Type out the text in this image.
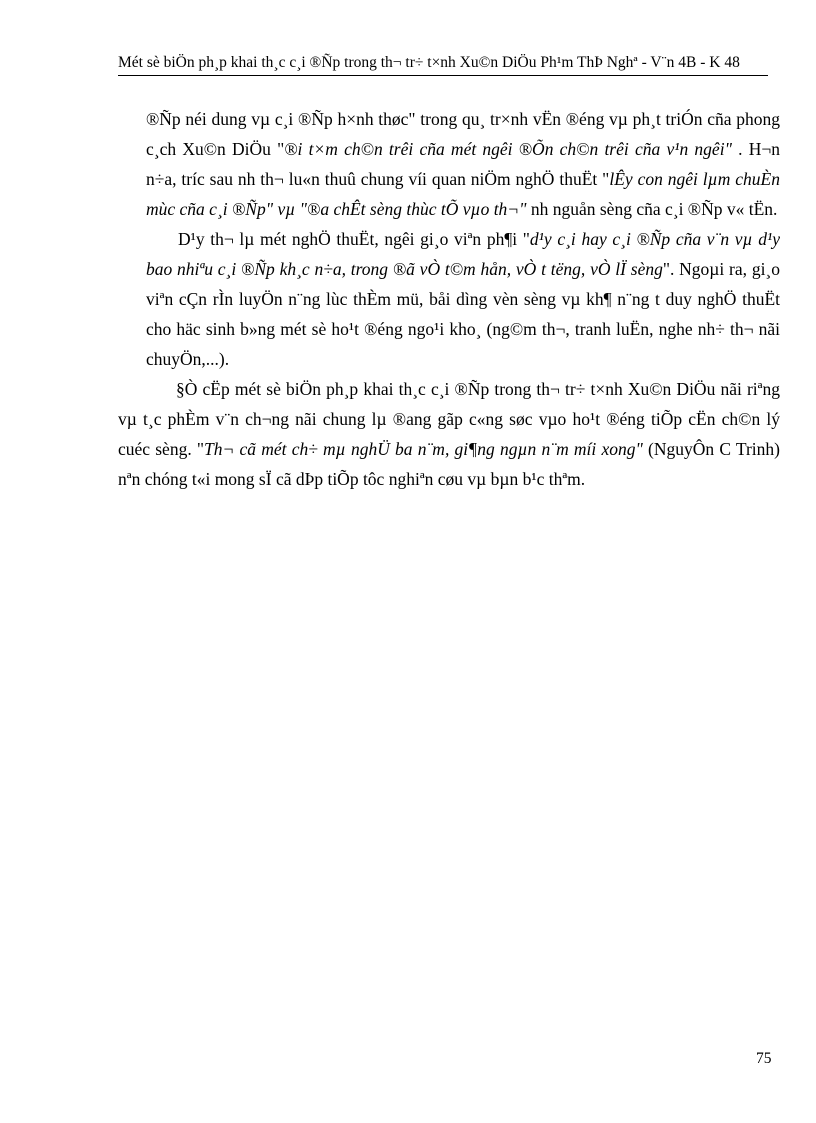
Mét sè biÖn ph¸p khai th¸c c¸i ®Ñp trong th¬ tr÷ t×nh Xu©n DiÖu Ph¹m ThÞ Nghª - V¨n 4B - K 48

®Ñp néi dung vµ c¸i ®Ñp h×nh thøc" trong qu¸ tr×nh vËn ®éng vµ ph¸t triÓn cña phong c¸ch Xu©n DiÖu "®i t×m ch©n trêi cña mét ngêi ®Õn ch©n trêi cña v¹n ngêi" . H¬n n÷a, tríc sau nh th¬ lu«n thuû chung víi quan niÖm nghÖ thuËt "lÊy con ngêi lµm chuÈn mùc cña c¸i ®Ñp" vµ "®a chÊt sèng thùc tÕ vµo th¬" nh nguån sèng cña c¸i ®Ñp v« tËn.

D¹y th¬ lµ mét nghÖ thuËt, ngêi gi¸o viªn ph¶i "d¹y c¸i hay c¸i ®Ñp cña v¨n vµ d¹y bao nhiªu c¸i ®Ñp kh¸c n÷a, trong ®ã vÒ t©m hån, vÒ t tëng, vÒ lÏ sèng". Ngoµi ra, gi¸o viªn cÇn rÌn luyÖn n¨ng lùc thÈm mü, båi dìng vèn sèng vµ kh¶ n¨ng t duy nghÖ thuËt cho häc sinh b»ng mét sè ho¹t ®éng ngo¹i kho¸ (ng©m th¬, tranh luËn, nghe nh÷ th¬ nãi chuyÖn,...).

§Ò cËp mét sè biÖn ph¸p khai th¸c c¸i ®Ñp trong th¬ tr÷ t×nh Xu©n DiÖu nãi riªng vµ t¸c phÈm v¨n ch¬ng nãi chung lµ ®ang gãp c«ng søc vµo ho¹t ®éng tiÕp cËn ch©n lý cuéc sèng. "Th¬ cã mét ch÷ mµ nghÜ ba n¨m, gi¶ng ngµn n¨m míi xong" (NguyÔn C Trinh) nªn chóng t«i mong sÏ cã dÞp tiÕp tôc nghiªn cøu vµ bµn b¹c thªm.

75
